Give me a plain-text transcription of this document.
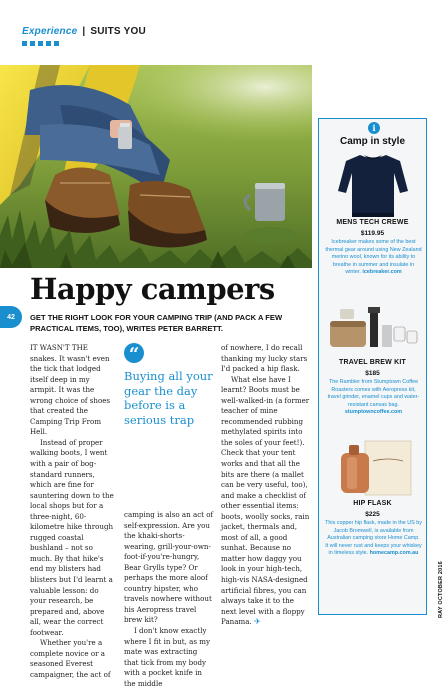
Experience | SUITS YOU
42
Happy campers

GET THE RIGHT LOOK FOR YOUR CAMPING TRIP (AND PACK A FEW PRACTICAL ITEMS, TOO), WRITES PETER BARRETT.

IT WASN'T THE snakes. It wasn't even the tick that lodged itself deep in my armpit. It was the wrong choice of shoes that created the Camping Trip From Hell.

Instead of proper walking boots, I went with a pair of bog-standard runners, which are fine for sauntering down to the local shops but for a three-night, 60-kilometre hike through rugged coastal bushland – not so much. By that hike's end my blisters had blisters but I'd learnt a valuable lesson: do your research, be prepared and, above all, wear the correct footwear.

Whether you're a complete novice or a seasoned Everest campaigner, the act of

“
Buying all your gear the day before is a serious trap

camping is also an act of self-expression. Are you the khaki-shorts-wearing, grill-your-own-foot-if-you're-hungry, Bear Grylls type? Or perhaps the more aloof country hipster, who travels nowhere without his Aeropress travel brew kit?

I don't know exactly where I fit in but, as my mate was extracting that tick from my body with a pocket knife in the middle

of nowhere, I do recall thanking my lucky stars I'd packed a hip flask.

What else have I learnt? Boots must be well-walked-in (a former teacher of mine recommended rubbing methylated spirits into the soles of your feet!). Check that your tent works and that all the bits are there (a mallet can be very useful, too), and make a checklist of other essential items: boots, woolly socks, rain jacket, thermals and, most of all, a good sunhat. Because no matter how daggy you look in your high-tech, high-vis NASA-designed artificial fibres, you can always take it to the next level with a floppy Panama. ✈

i
Camp in style
MENS TECH CREWE
$119.95
Icebreaker makes some of the best thermal gear around using New Zealand merino wool, known for its ability to breathe in summer and insulate in winter. icebreaker.com
TRAVEL BREW KIT
$185
The Rambler from Stumptown Coffee Roasters comes with Aeropress kit, travel grinder, enamel cups and water-resistant canvas bag. stumptowncoffee.com
HIP FLASK
$225
This copper hip flask, made in the US by Jacob Bromwell, is available from Australian camping store Home Camp. It will never rust and keeps your whiskey in timeless style. homecamp.com.au
RAY OCTOBER 2016
